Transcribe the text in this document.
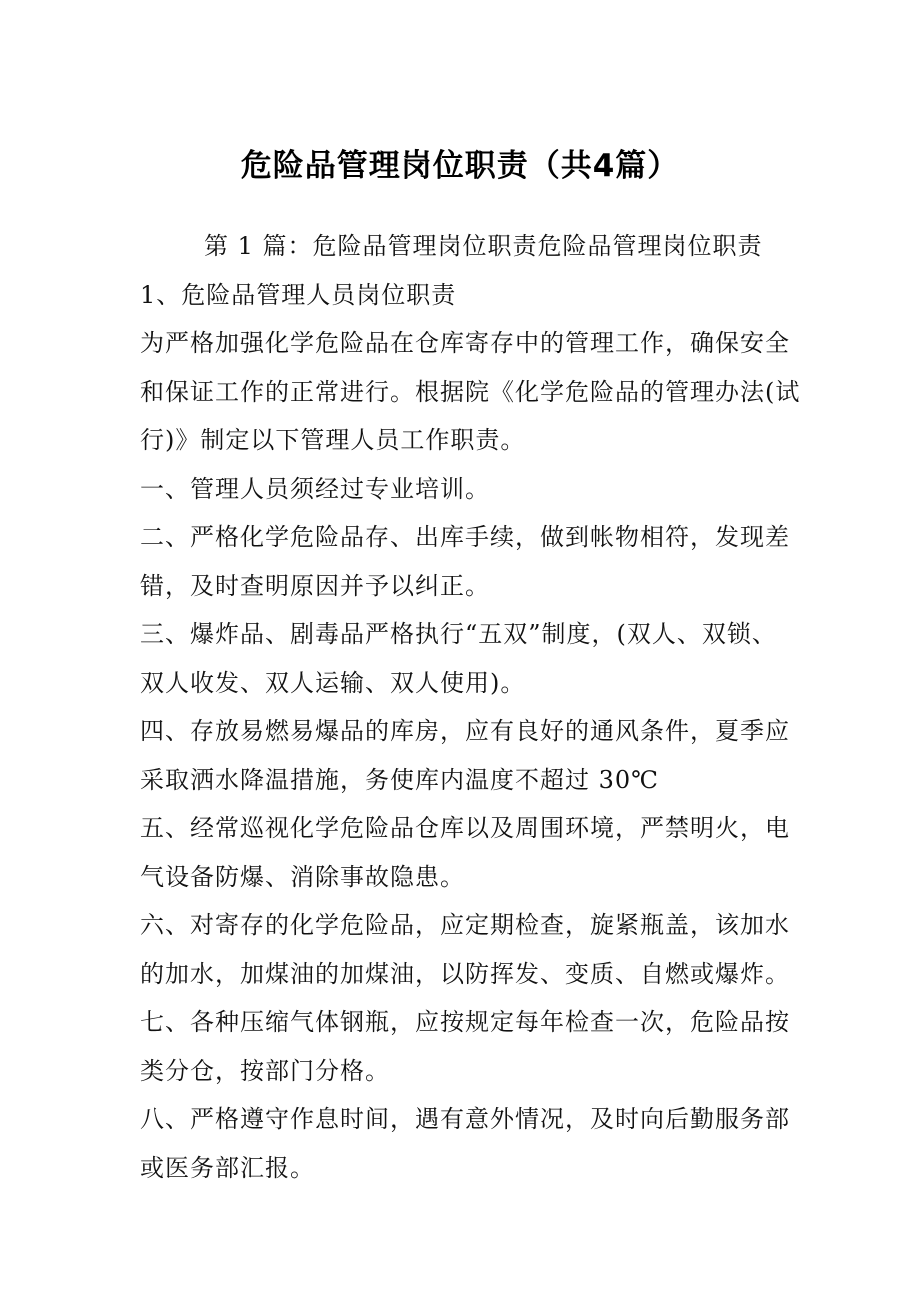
危险品管理岗位职责（共4篇）
第 1 篇：危险品管理岗位职责危险品管理岗位职责
1、危险品管理人员岗位职责
为严格加强化学危险品在仓库寄存中的管理工作，确保安全
和保证工作的正常进行。根据院《化学危险品的管理办法(试
行)》制定以下管理人员工作职责。
一、管理人员须经过专业培训。
二、严格化学危险品存、出库手续，做到帐物相符，发现差
错，及时查明原因并予以纠正。
三、爆炸品、剧毒品严格执行“五双”制度，(双人、双锁、
双人收发、双人运输、双人使用)。
四、存放易燃易爆品的库房，应有良好的通风条件，夏季应
采取洒水降温措施，务使库内温度不超过 30℃
五、经常巡视化学危险品仓库以及周围环境，严禁明火，电
气设备防爆、消除事故隐患。
六、对寄存的化学危险品，应定期检查，旋紧瓶盖，该加水
的加水，加煤油的加煤油，以防挥发、变质、自燃或爆炸。
七、各种压缩气体钢瓶，应按规定每年检查一次，危险品按
类分仓，按部门分格。
八、严格遵守作息时间，遇有意外情况，及时向后勤服务部
或医务部汇报。
